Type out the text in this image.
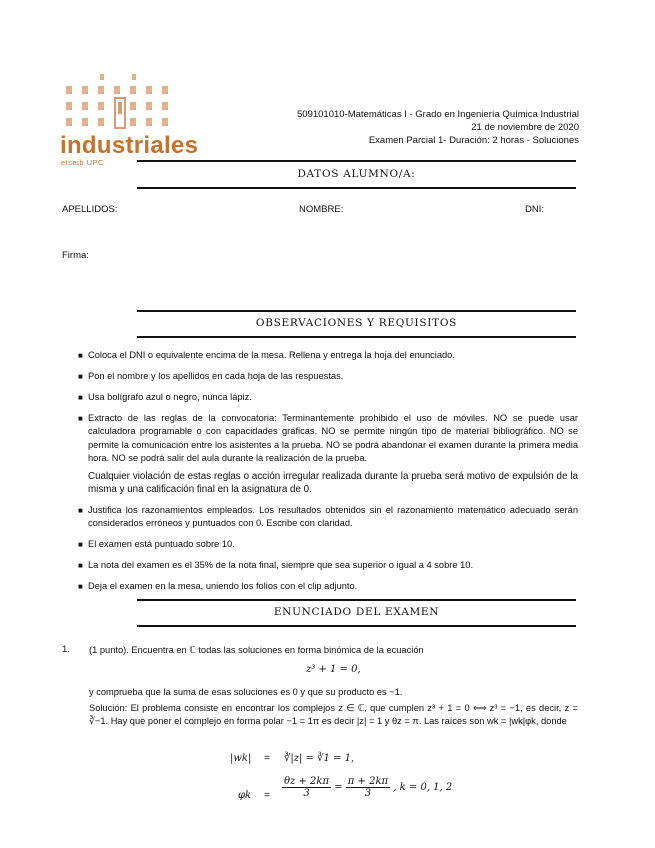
industriales
etseib UPC
509101010-Matemáticas I - Grado en Ingeniería Química Industrial
21 de noviembre de 2020
Examen Parcial 1- Duración: 2 horas - Soluciones
DATOS ALUMNO/A:
APELLIDOS:	NOMBRE:	DNI:
Firma:
OBSERVACIONES Y REQUISITOS
■ Coloca el DNI o equivalente encima de la mesa. Rellena y entrega la hoja del enunciado.
■ Pon el nombre y los apellidos en cada hoja de las respuestas.
■ Usa bolígrafo azul o negro, nunca lápiz.
■ Extracto de las reglas de la convocatoria: Terminantemente prohibido el uso de móviles. NO se puede usar calculadora programable o con capacidades gráficas. NO se permite ningún tipo de material bibliográfico. NO se permite la comunicación entre los asistentes a la prueba. NO se podrá abandonar el examen durante la primera media hora. NO se podrá salir del aula durante la realización de la prueba.
Cualquier violación de estas reglas o acción irregular realizada durante la prueba será motivo de expulsión de la misma y una calificación final en la asignatura de 0.
■ Justifica los razonamientos empleados. Los resultados obtenidos sin el razonamiento matemático adecuado serán considerados erróneos y puntuados con 0. Escribe con claridad.
■ El examen está puntuado sobre 10.
■ La nota del examen es el 35% de la nota final, siempre que sea superior o igual a 4 sobre 10.
■ Deja el examen en la mesa, uniendo los folios con el clip adjunto.
ENUNCIADO DEL EXAMEN
1. (1 punto). Encuentra en ℂ todas las soluciones en forma binómica de la ecuación
z³ + 1 = 0,
y comprueba que la suma de esas soluciones es 0 y que su producto es −1.
Solución: El problema consiste en encontrar los complejos z ∈ ℂ, que cumplen z³ + 1 = 0 ⟺ z³ = −1, es decir, z = ∛−1. Hay que poner el complejo en forma polar −1 = 1π es decir |z| = 1 y θz = π. Las raíces son wk = |wk|φk, donde
|wk| = ∛|z| = ∛1 = 1,
$\varphi k = \frac{\theta z + 2k\pi}{3} = \frac{\pi + 2k\pi}{3}$ , k = 0, 1, 2
